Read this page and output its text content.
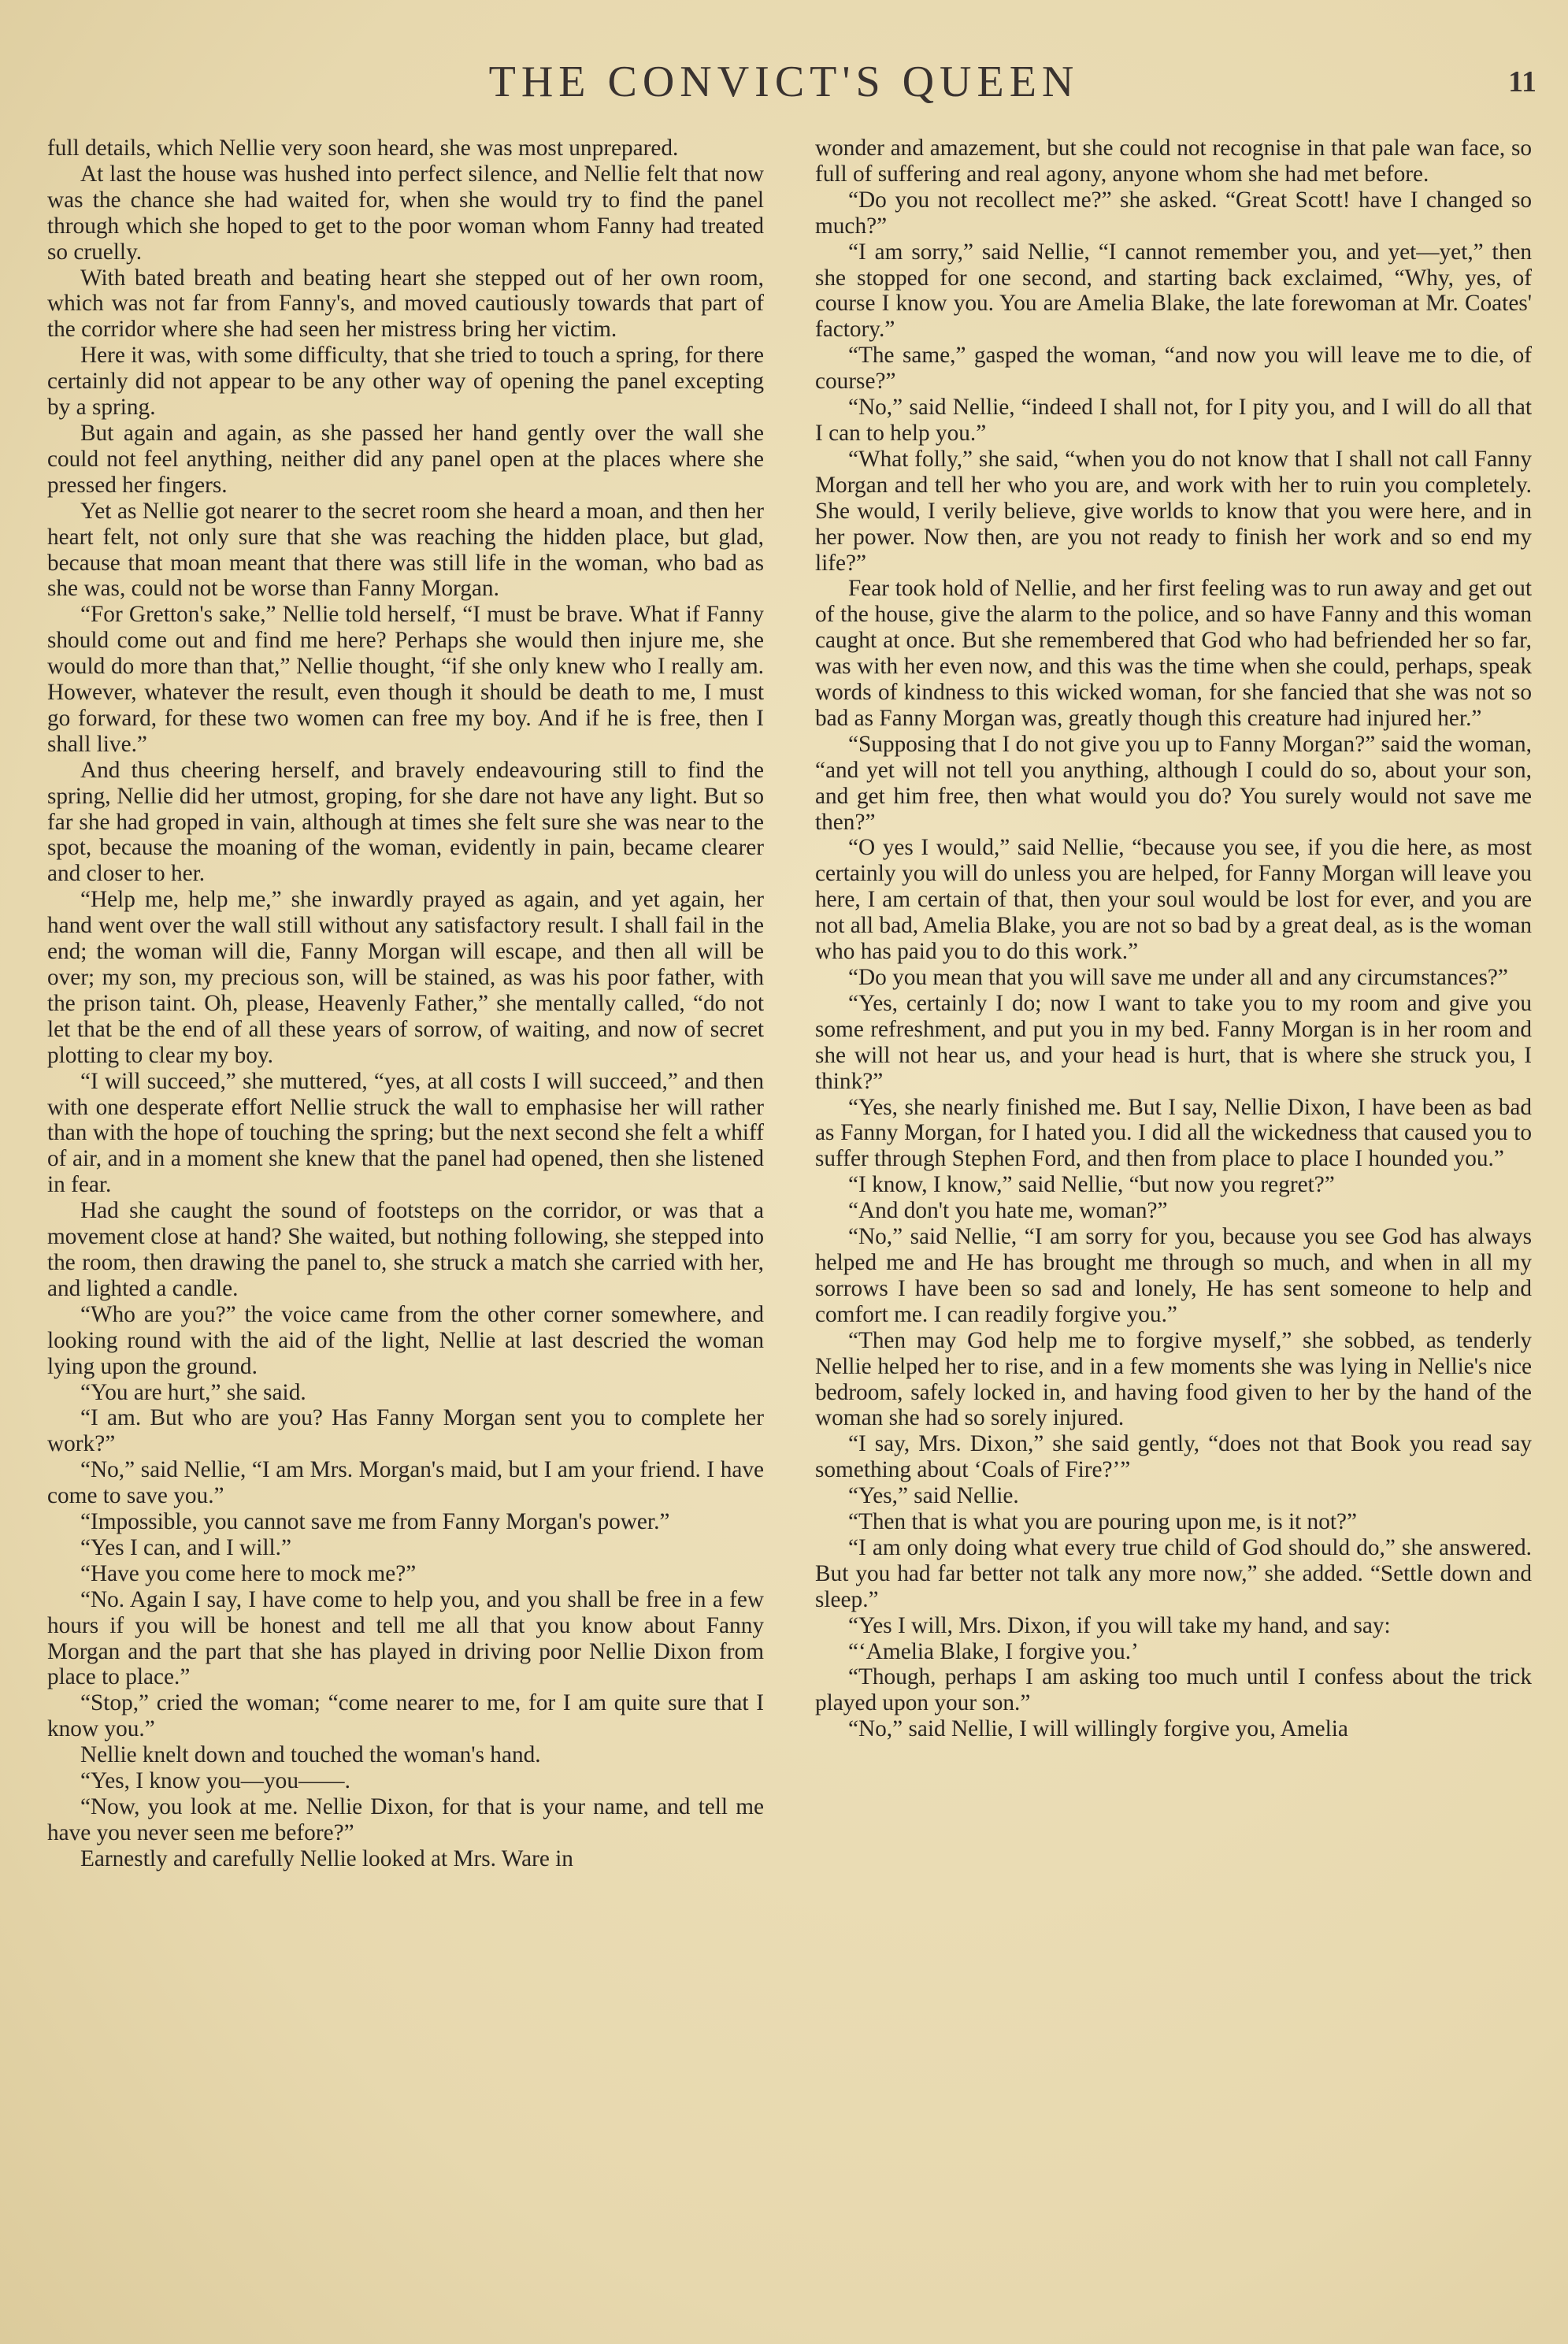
THE CONVICT'S QUEEN	11

full details, which Nellie very soon heard, she was most unprepared.

At last the house was hushed into perfect silence, and Nellie felt that now was the chance she had waited for, when she would try to find the panel through which she hoped to get to the poor woman whom Fanny had treated so cruelly.

With bated breath and beating heart she stepped out of her own room, which was not far from Fanny's, and moved cautiously towards that part of the corridor where she had seen her mistress bring her victim.

Here it was, with some difficulty, that she tried to touch a spring, for there certainly did not appear to be any other way of opening the panel excepting by a spring.

But again and again, as she passed her hand gently over the wall she could not feel anything, neither did any panel open at the places where she pressed her fingers.

Yet as Nellie got nearer to the secret room she heard a moan, and then her heart felt, not only sure that she was reaching the hidden place, but glad, because that moan meant that there was still life in the woman, who bad as she was, could not be worse than Fanny Morgan.

“For Gretton's sake,” Nellie told herself, “I must be brave. What if Fanny should come out and find me here? Perhaps she would then injure me, she would do more than that,” Nellie thought, “if she only knew who I really am. However, whatever the result, even though it should be death to me, I must go forward, for these two women can free my boy. And if he is free, then I shall live.”

And thus cheering herself, and bravely endeavouring still to find the spring, Nellie did her utmost, groping, for she dare not have any light. But so far she had groped in vain, although at times she felt sure she was near to the spot, because the moaning of the woman, evidently in pain, became clearer and closer to her.

“Help me, help me,” she inwardly prayed as again, and yet again, her hand went over the wall still without any satisfactory result. I shall fail in the end; the woman will die, Fanny Morgan will escape, and then all will be over; my son, my precious son, will be stained, as was his poor father, with the prison taint. Oh, please, Heavenly Father,” she mentally called, “do not let that be the end of all these years of sorrow, of waiting, and now of secret plotting to clear my boy.

“I will succeed,” she muttered, “yes, at all costs I will succeed,” and then with one desperate effort Nellie struck the wall to emphasise her will rather than with the hope of touching the spring; but the next second she felt a whiff of air, and in a moment she knew that the panel had opened, then she listened in fear.

Had she caught the sound of footsteps on the corridor, or was that a movement close at hand? She waited, but nothing following, she stepped into the room, then drawing the panel to, she struck a match she carried with her, and lighted a candle.

“Who are you?” the voice came from the other corner somewhere, and looking round with the aid of the light, Nellie at last descried the woman lying upon the ground.

“You are hurt,” she said.

“I am. But who are you? Has Fanny Morgan sent you to complete her work?”

“No,” said Nellie, “I am Mrs. Morgan's maid, but I am your friend. I have come to save you.”

“Impossible, you cannot save me from Fanny Morgan's power.”

“Yes I can, and I will.”

“Have you come here to mock me?”

“No. Again I say, I have come to help you, and you shall be free in a few hours if you will be honest and tell me all that you know about Fanny Morgan and the part that she has played in driving poor Nellie Dixon from place to place.”

“Stop,” cried the woman; “come nearer to me, for I am quite sure that I know you.”

Nellie knelt down and touched the woman's hand.

“Yes, I know you—you——.

“Now, you look at me. Nellie Dixon, for that is your name, and tell me have you never seen me before?”

Earnestly and carefully Nellie looked at Mrs. Ware in

wonder and amazement, but she could not recognise in that pale wan face, so full of suffering and real agony, anyone whom she had met before.

“Do you not recollect me?” she asked. “Great Scott! have I changed so much?”

“I am sorry,” said Nellie, “I cannot remember you, and yet—yet,” then she stopped for one second, and starting back exclaimed, “Why, yes, of course I know you. You are Amelia Blake, the late forewoman at Mr. Coates' factory.”

“The same,” gasped the woman, “and now you will leave me to die, of course?”

“No,” said Nellie, “indeed I shall not, for I pity you, and I will do all that I can to help you.”

“What folly,” she said, “when you do not know that I shall not call Fanny Morgan and tell her who you are, and work with her to ruin you completely. She would, I verily believe, give worlds to know that you were here, and in her power. Now then, are you not ready to finish her work and so end my life?”

Fear took hold of Nellie, and her first feeling was to run away and get out of the house, give the alarm to the police, and so have Fanny and this woman caught at once. But she remembered that God who had befriended her so far, was with her even now, and this was the time when she could, perhaps, speak words of kindness to this wicked woman, for she fancied that she was not so bad as Fanny Morgan was, greatly though this creature had injured her.”

“Supposing that I do not give you up to Fanny Morgan?” said the woman, “and yet will not tell you anything, although I could do so, about your son, and get him free, then what would you do? You surely would not save me then?”

“O yes I would,” said Nellie, “because you see, if you die here, as most certainly you will do unless you are helped, for Fanny Morgan will leave you here, I am certain of that, then your soul would be lost for ever, and you are not all bad, Amelia Blake, you are not so bad by a great deal, as is the woman who has paid you to do this work.”

“Do you mean that you will save me under all and any circumstances?”

“Yes, certainly I do; now I want to take you to my room and give you some refreshment, and put you in my bed. Fanny Morgan is in her room and she will not hear us, and your head is hurt, that is where she struck you, I think?”

“Yes, she nearly finished me. But I say, Nellie Dixon, I have been as bad as Fanny Morgan, for I hated you. I did all the wickedness that caused you to suffer through Stephen Ford, and then from place to place I hounded you.”

“I know, I know,” said Nellie, “but now you regret?”

“And don't you hate me, woman?”

“No,” said Nellie, “I am sorry for you, because you see God has always helped me and He has brought me through so much, and when in all my sorrows I have been so sad and lonely, He has sent someone to help and comfort me. I can readily forgive you.”

“Then may God help me to forgive myself,” she sobbed, as tenderly Nellie helped her to rise, and in a few moments she was lying in Nellie's nice bedroom, safely locked in, and having food given to her by the hand of the woman she had so sorely injured.

“I say, Mrs. Dixon,” she said gently, “does not that Book you read say something about ‘Coals of Fire?’”

“Yes,” said Nellie.

“Then that is what you are pouring upon me, is it not?”

“I am only doing what every true child of God should do,” she answered. But you had far better not talk any more now,” she added. “Settle down and sleep.”

“Yes I will, Mrs. Dixon, if you will take my hand, and say:

“‘Amelia Blake, I forgive you.’

“Though, perhaps I am asking too much until I confess about the trick played upon your son.”

“No,” said Nellie, I will willingly forgive you, Amelia
